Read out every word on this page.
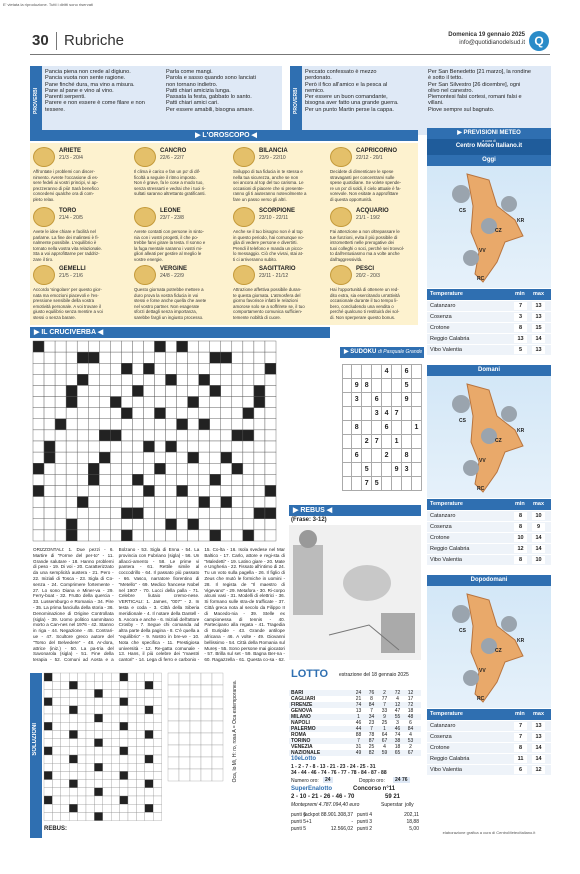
E' vietata la riproduzione. Tutti i diritti sono riservati
30 Rubriche	Domenica 19 gennaio 2025
info@quotidianodelsud.it Q
PROVERBI
Pancia piena non crede al digiuno.
Pancia vuota non sente ragione.
Pane finché dura, ma vino a misura.
Pane al pane e vino al vino.
Parenti serpenti.
Parere e non essere è come filare e non
tessere.
Parla come mangi.
Parola e sasso quando sono lanciati
non tornano indietro.
Patti chiari amicizia lunga.
Passata la festa, gabbato lo santo.
Patti chiari amici cari.
Per essere amabili, bisogna amare.	PROVERBI
Peccato confessato è mezzo
perdonato.
Però il fico all'amico e la pesca al
nemico.
Per essere un buon comandante,
bisogna aver fatto una grande guerra.
Per un punto Martin perse la cappa.
Per San Benedetto [21 marzo], la rondine
è sotto il tetto.
Per San Silvestro [26 dicembre], ogni
olivo nel canestro.
Piemontesi falsi cortesi, romani falsi e
villani.
Piove sempre sul bagnato.
▶ L'OROSCOPO ◀
ARIETE
21/3 - 20/4
Affrontate i problemi con discer-
nimento. Avrete l'occasione di es-
sere fedeli ai vostri principi, vi ap-
prezzeranno di più! Sarà benefico
concedervi qualche ora di com-
pleto relax.
CANCRO
22/6 - 22/7
Il clima è carico e fan un po' di dif-
ficoltà a seguire il ritmo imposto.
Non è grave, fa le cose a modo tuo,
senza stressarti e vedrai che i tuoi ri-
sultati saranno altrettanto gratificanti.
BILANCIA
23/9 - 22/10
Sviluppo di tua fiducia in te stessa e
nella tua sicurezza, anche se non
sei ancora al top del tuo carisma. Le
occasioni di piacere che si presente-
ranno gli ti aiuteranno notevolmente a
fare un passo verso gli altri.
CAPRICORNO
22/12 - 20/1
Decidete di dimenticare le spese
stravaganti per concentrarvi sulle
spese quotidiane. Se volete spende-
re un po' di soldi, il cielo attuale è fa-
vorevole. Non esitate a approfittare
di questa opportunità.
TORO
21/4 - 20/5
Avete le idee chiare e facilità nel
parlarne. La fine dei malintesi è fi-
nalmente possibile. L'equilibrio è
tornato nella vostra vita relazionale.
Sta a voi approfittarne per raddriz-
zare il tiro.
LEONE
23/7 - 23/8
Avrete contatti con persone in sinto-
nia con i vostri progetti, il che po-
trebbe farvi girare la testa. Il sonno e
la fuga mentale saranno i vostri mi-
gliori alleati per gestire al meglio le
vostre energie.
SCORPIONE
23/10 - 22/11
Anche se il tuo bisogno non è al top
in questo periodo, hai comunque vo-
glia di vedere persone e divertirti.
Prendi il telefono e manda un picco-
lo messaggio. Ciò che vivrai, stai at-
ti ci arriveranno subito.
ACQUARIO
21/1 - 19/2
Fai attenzione a non oltrepassare le
tue funzioni, evita il più possibile di
intrometterti nelle prerogative dei
tuoi colleghi o soci, perché sei trovvol-
to dall'entusiasmo ma a volte anche
dall'aggressività.
GEMELLI
21/5 - 21/6
Accordo 'singolare' per questo gior-
nata ma emozioni piacevoli e l'es-
pressione sensibile della vostra
emotività personale. A voi trovare il
giusto equilibrio senza mentire a voi
stessi o senza barare.
VERGINE
24/8 - 22/9
Questo giornata potrebbe mettere a
duro prova la vostra fiducia in voi
stessi e forse anche quella che avete
nel vostro partner. Non esagerate
sforzi dettagli senza importanza,
sarebbe fargli un ingiusto processo.
SAGITTARIO
23/11 - 21/12
Attrazione affettiva possibile duran-
te questa giornata. L'atmosfera del
giorno favorisce infatti le relazioni
amorose solo se a soffrirete se, il tuo
comportamento comunica sufficien-
temente nobiltà di cuore.
PESCI
20/2 - 20/3
Hai l'opportunità di ottenere un red-
dito extra, sia esercitando un'attività
occasionale durante il tuo tempo li-
bero, concludendo una vendita o
perché qualcuno ti restituirà dei sol-
di. Non sperperare questo bonus.
▶ PREVISIONI METEO
a cura di
Centro Meteo Italiano.it
Oggi
CS
KR
CZ
VV
RC
Temperature	min max
Catanzaro	7	13
Cosenza	3	13
Crotone	8	15
Reggio Calabria	13	14
Vibo Valentia	5	13
Domani
CS
KR
CZ
VV
RC
Temperature	min max
Catanzaro	8	10
Cosenza	8	9
Crotone	10	14
Reggio Calabria	12	14
Vibo Valentia	8	10
Dopodomani
CS
KR
CZ
VV
RC
Temperature	min max
Catanzaro	7	13
Cosenza	7	13
Crotone	8	14
Reggio Calabria	11	14
Vibo Valentia	6	12
elaborazione grafica a cura di CentroMeteoItaliano.it
▶ IL CRUCIVERBA ◀
▶ SUDOKU di Pasquale Grande
				4		6	
	9	8				5	
	3		6			9	
			3	4	7		
	8			6			1
		2	7		1		
	6			2		8	
		5			9	3	
		7	5				
ORIZZONTALI: 1. Due pezzi - 6. Martire di "Forme del per-to" - 11. Grande salutare - 18. Hanno problemi di peso - 19. Di voi - 20. Caratterizzato da una semplicità austera - 21. Pero - 22. Iniziali di Tosca - 23. Sigla di Co-senza - 24. Comprimere fortemente - 27. Lo sono Diana e Miner-va - 29. Ferry-boat - 32. Frutto della quercia - 33. Lussemburgo e Romania - 34. Pire - 35. La prima fanciulla della storia - 36. Denominazione di Origine Controllata (sigla) - 39. Uomo politico sammitano morto a Can-nes nel 1976 - 42. Stanno in riga - 44. Negazione - 45. Contrari-ue - 47. Scultore greco autore del "Torso del Belvedere" - 48. Ar-dora, attrice (iniz.) - 50. La pa-tria del Savonarola (sigla) - 51. Fine della terapia - 52. Comuni ad Aosta e a Bolzano - 53. Sigla di Enna - 54. La provincia con Fubriano (sigla) - 56. Un allacci-amento - 58. Le prime vi pantera - 61. Rettile simile al coccodrillo - 64. Il passato più passato - 66. Vasco, narratore fiorentino di "Metello" - 69. Medico francese Nobel nel 1907 - 70. Lucci della palla - 71. Celebre liutaio cremo-nese. VERTICALI: 1. James, "007" - 2. In testa e coda - 3. Città della Siberia meridionale - 4. Il notare della Dantell - 5. Ancora e anche - 6. Iniziali dell'attore Crosby - 7. Segue chi comanda ad altra parte della pagina - 8. C'è quella a "equilibrio" - 9. Nostro in bre-ve - 10. Nota che specifica - 11. Prestigiosa università - 12. Re-gatta comunale - 13. Hans, il più celebre dei "maestri cantori" - 14. Lega di ferro e carbonio - 15. Co-lta - 16. Isola svedese nel Mar Baltico - 17. Carlo, attore e regi-sta di "Maledetti" - 19. Latino giare - 20. Mate e Ungheria - 22. Fissato all'intimo di 24. Tu un voto sulla pagella - 26. Il figlio di Zeus che mutò le formiche in uomini - 28. Il regista de "Il maestro di Vigevano" - 29. Metafora - 30. Ri-corpo alcuni vasi - 31. Modelli di elettrici - 36. Si formano sulle stra-de trafficate - 37. Città greca nota al secolo da Filippo II di Macedo-nia - 39. Stelle ex campionessa di tennis - 40. Partecipano alla regata - 41. Tragedia di Euripide - 43. Grande antilope africana - 46. A volte - 49. Giovanni bellissimo - 54. Città della Romania sul Mureș - 55. Sono persone mai giocatori - 57. Brilla sul set - 59. Bagna Ber-na - 60. Ragazzella - 61. Questa co-sa - 62.
▶ REBUS ◀
(Frase: 3-12)
LOTTO estrazione del 18 gennaio 2025
BARI	24	76	2	72	12
CAGLIARI	21	8	77	4	17
FIRENZE	74	84	7	12	72
GENOVA	13	7	33	47	18
MILANO	1	34	9	55	48
NAPOLI	46	23	25	3	6
PALERMO	44	7	1	46	84
ROMA	88	78	64	74	4
TORINO	7	87	67	38	53
VENEZIA	31	25	4	18	2
NAZIONALE	49	82	59	65	67
10eLotto
1 - 2 - 7 - 8 - 13 - 21 - 23 - 24 - 25 - 31
34 - 44 - 46 - 74 - 76 - 77 - 78 - 84 - 87 - 88
Numero oro:	24	Doppio oro:	24 76
SuperEnalotto	Concorso n°11
2 - 10 - 21 - 26 - 46 - 70	59 21
Montepremi 4.787.094,40 euro	Superstar jolly
punti 6
jackpot 88.901.308,37
punti 5+1	-
punti 5	12.566,02
punti 4	202,11
punti 3	18,88
punti 2	5,00
SOLUZIONI
REBUS:
Oca, lo Mi, H: ro, rosa A = Oca estemporanea.
